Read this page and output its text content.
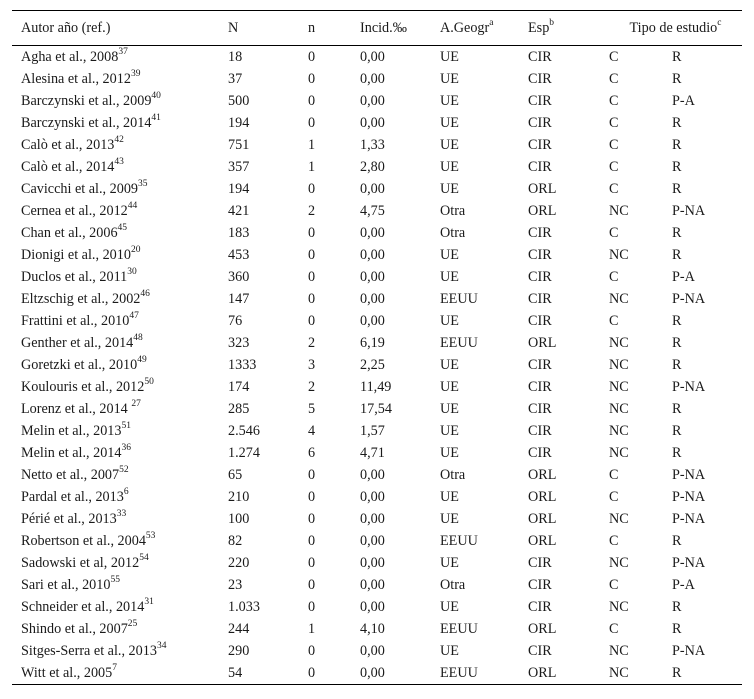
Autor año (ref.)	N	n	Incid.‰	A.Geogr$^a$	Esp$^b$	Tipo de estudio$^c$
Agha et al., 2008$^{37}$	18	0	0,00	UE	CIR	C	R
Alesina et al., 2012$^{39}$	37	0	0,00	UE	CIR	C	R
Barczynski et al., 2009$^{40}$	500	0	0,00	UE	CIR	C	P-A
Barczynski et al., 2014$^{41}$	194	0	0,00	UE	CIR	C	R
Calò et al., 2013$^{42}$	751	1	1,33	UE	CIR	C	R
Calò et al., 2014$^{43}$	357	1	2,80	UE	CIR	C	R
Cavicchi et al., 2009$^{35}$	194	0	0,00	UE	ORL	C	R
Cernea et al., 2012$^{44}$	421	2	4,75	Otra	ORL	NC	P-NA
Chan et al., 2006$^{45}$	183	0	0,00	Otra	CIR	C	R
Dionigi et al., 2010$^{20}$	453	0	0,00	UE	CIR	NC	R
Duclos et al., 2011$^{30}$	360	0	0,00	UE	CIR	C	P-A
Eltzschig et al., 2002$^{46}$	147	0	0,00	EEUU	CIR	NC	P-NA
Frattini et al., 2010$^{47}$	76	0	0,00	UE	CIR	C	R
Genther et al., 2014$^{48}$	323	2	6,19	EEUU	ORL	NC	R
Goretzki et al., 2010$^{49}$	1333	3	2,25	UE	CIR	NC	R
Koulouris et al., 2012$^{50}$	174	2	11,49	UE	CIR	NC	P-NA
Lorenz et al., 2014 $^{27}$	285	5	17,54	UE	CIR	NC	R
Melin et al., 2013$^{51}$	2.546	4	1,57	UE	CIR	NC	R
Melin et al., 2014$^{36}$	1.274	6	4,71	UE	CIR	NC	R
Netto et al., 2007$^{52}$	65	0	0,00	Otra	ORL	C	P-NA
Pardal et al., 2013$^6$	210	0	0,00	UE	ORL	C	P-NA
Périé et al., 2013$^{33}$	100	0	0,00	UE	ORL	NC	P-NA
Robertson et al., 2004$^{53}$	82	0	0,00	EEUU	ORL	C	R
Sadowski et al, 2012$^{54}$	220	0	0,00	UE	CIR	NC	P-NA
Sari et al., 2010$^{55}$	23	0	0,00	Otra	CIR	C	P-A
Schneider et al., 2014$^{31}$	1.033	0	0,00	UE	CIR	NC	R
Shindo et al., 2007$^{25}$	244	1	4,10	EEUU	ORL	C	R
Sitges-Serra et al., 2013$^{34}$	290	0	0,00	UE	CIR	NC	P-NA
Witt et al., 2005$^7$	54	0	0,00	EEUU	ORL	NC	R
